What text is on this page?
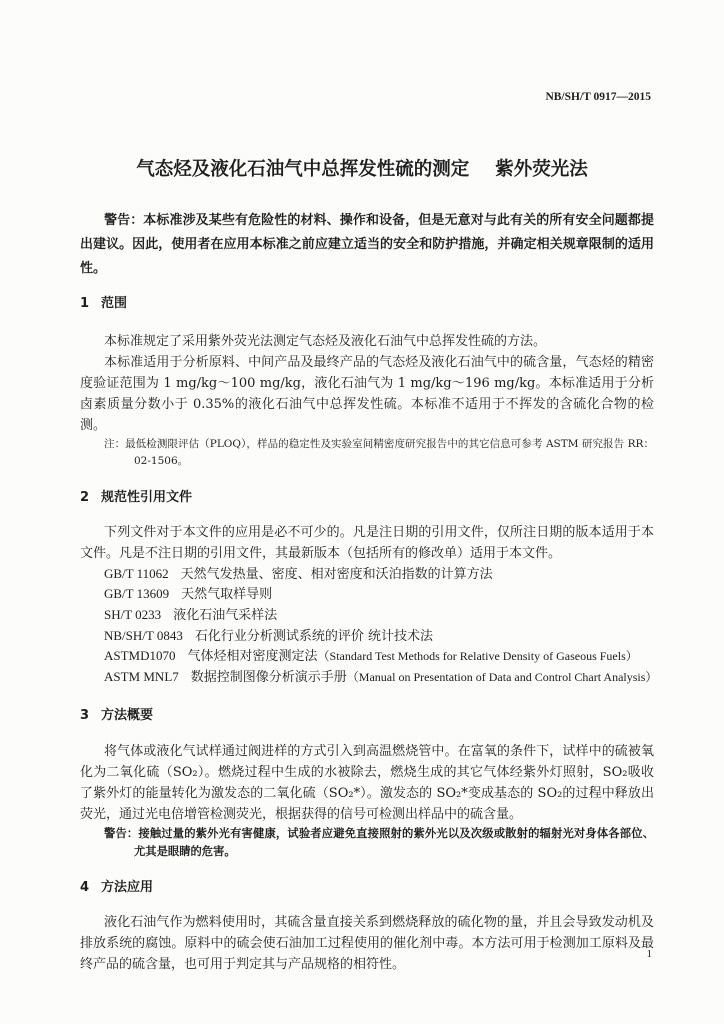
NB/SH/T 0917—2015
气态烃及液化石油气中总挥发性硫的测定 紫外荧光法
警告：本标准涉及某些有危险性的材料、操作和设备，但是无意对与此有关的所有安全问题都提出建议。因此，使用者在应用本标准之前应建立适当的安全和防护措施，并确定相关规章限制的适用性。
1 范围
本标准规定了采用紫外荧光法测定气态烃及液化石油气中总挥发性硫的方法。
本标准适用于分析原料、中间产品及最终产品的气态烃及液化石油气中的硫含量，气态烃的精密度验证范围为 1 mg/kg～100 mg/kg，液化石油气为 1 mg/kg～196 mg/kg。本标准适用于分析卤素质量分数小于 0.35%的液化石油气中总挥发性硫。本标准不适用于不挥发的含硫化合物的检测。
注：最低检测限评估（PLOQ），样品的稳定性及实验室间精密度研究报告中的其它信息可参考 ASTM 研究报告 RR：02-1506。
2 规范性引用文件
下列文件对于本文件的应用是必不可少的。凡是注日期的引用文件，仅所注日期的版本适用于本文件。凡是不注日期的引用文件，其最新版本（包括所有的修改单）适用于本文件。
GB/T 11062 天然气发热量、密度、相对密度和沃泊指数的计算方法
GB/T 13609 天然气取样导则
SH/T 0233 液化石油气采样法
NB/SH/T 0843 石化行业分析测试系统的评价 统计技术法
ASTMD1070 气体烃相对密度测定法（Standard Test Methods for Relative Density of Gaseous Fuels）
ASTM MNL7 数据控制图像分析演示手册（Manual on Presentation of Data and Control Chart Analysis）
3 方法概要
将气体或液化气试样通过阀进样的方式引入到高温燃烧管中。在富氧的条件下，试样中的硫被氧化为二氧化硫（SO₂）。燃烧过程中生成的水被除去，燃烧生成的其它气体经紫外灯照射，SO₂吸收了紫外灯的能量转化为激发态的二氧化硫（SO₂*）。激发态的 SO₂*变成基态的 SO₂的过程中释放出荧光，通过光电倍增管检测荧光，根据获得的信号可检测出样品中的硫含量。
警告：接触过量的紫外光有害健康，试验者应避免直接照射的紫外光以及次级或散射的辐射光对身体各部位、尤其是眼睛的危害。
4 方法应用
液化石油气作为燃料使用时，其硫含量直接关系到燃烧释放的硫化物的量，并且会导致发动机及排放系统的腐蚀。原料中的硫会使石油加工过程使用的催化剂中毒。本方法可用于检测加工原料及最终产品的硫含量，也可用于判定其与产品规格的相符性。
1
